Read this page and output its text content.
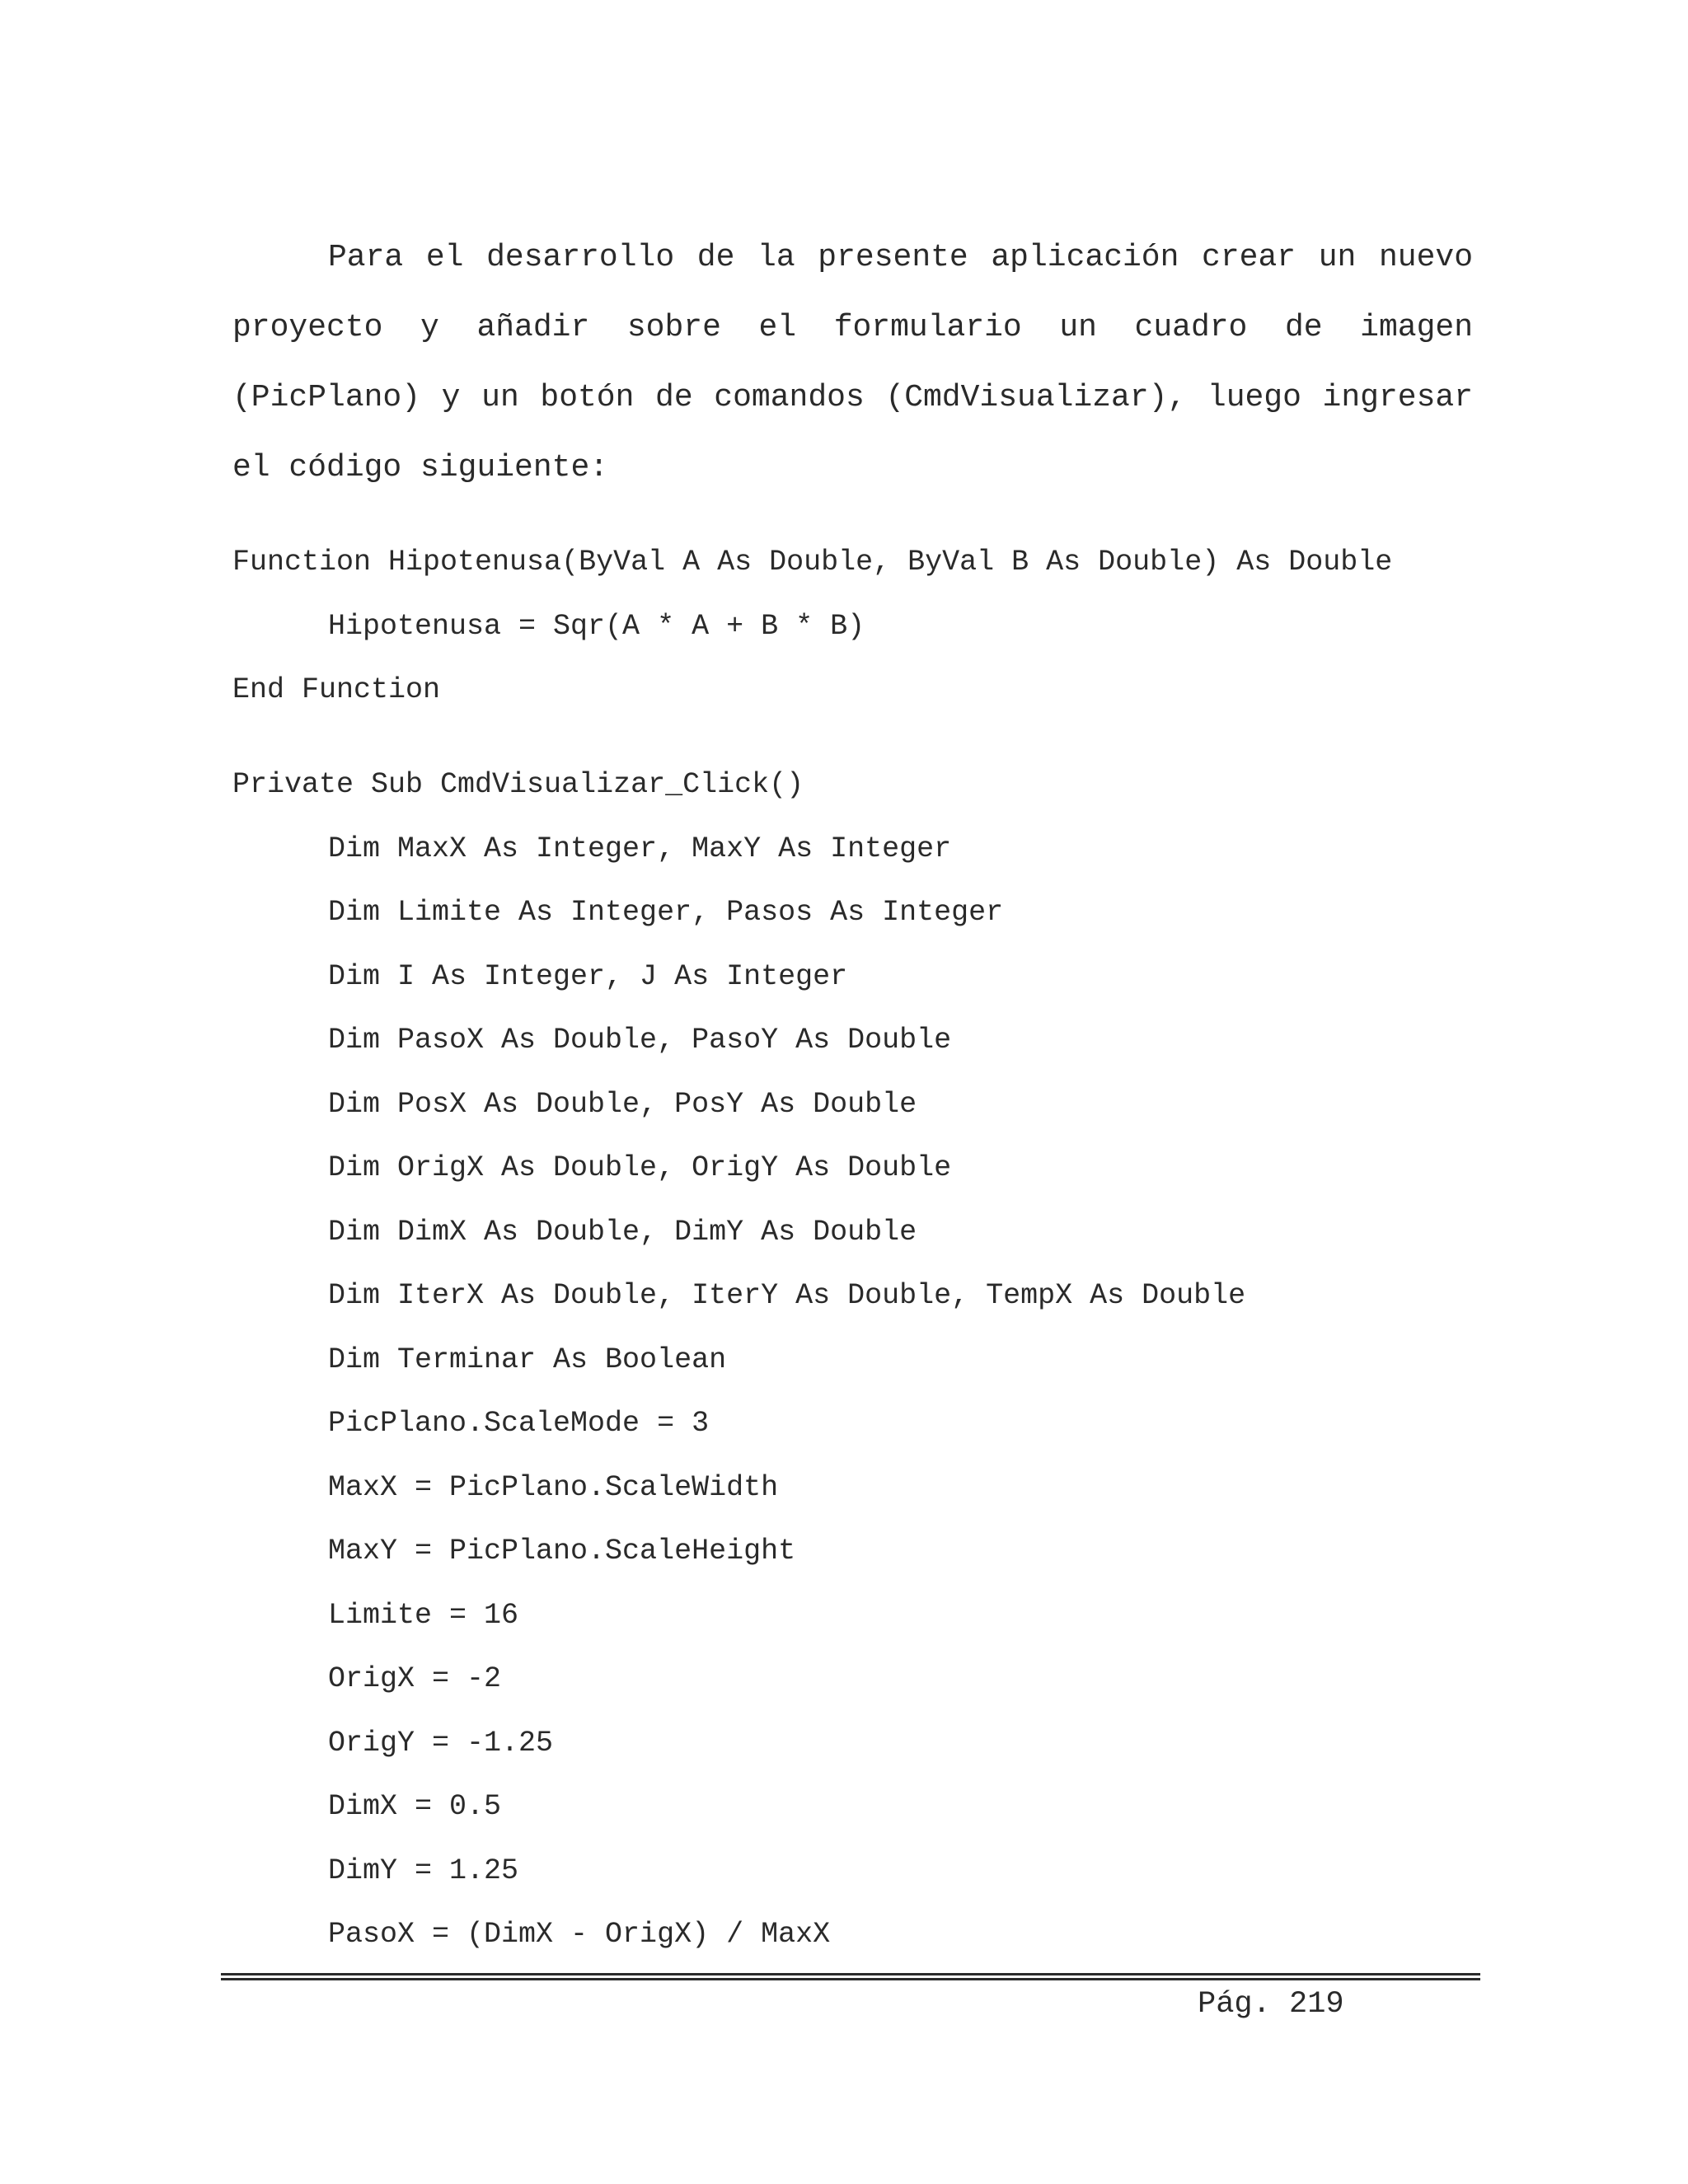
Para el desarrollo de la presente aplicación crear un nuevo proyecto y añadir sobre el formulario un cuadro de imagen (PicPlano) y un botón de comandos (CmdVisualizar), luego ingresar el código siguiente:

Function Hipotenusa(ByVal A As Double, ByVal B As Double) As Double
Hipotenusa = Sqr(A * A + B * B)
End Function
Private Sub CmdVisualizar_Click()
Dim MaxX As Integer, MaxY As Integer
Dim Limite As Integer, Pasos As Integer
Dim I As Integer, J As Integer
Dim PasoX As Double, PasoY As Double
Dim PosX As Double, PosY As Double
Dim OrigX As Double, OrigY As Double
Dim DimX As Double, DimY As Double
Dim IterX As Double, IterY As Double, TempX As Double
Dim Terminar As Boolean
PicPlano.ScaleMode = 3
MaxX = PicPlano.ScaleWidth
MaxY = PicPlano.ScaleHeight
Limite = 16
OrigX = -2
OrigY = -1.25
DimX = 0.5
DimY = 1.25
PasoX = (DimX - OrigX) / MaxX
Pág. 219
